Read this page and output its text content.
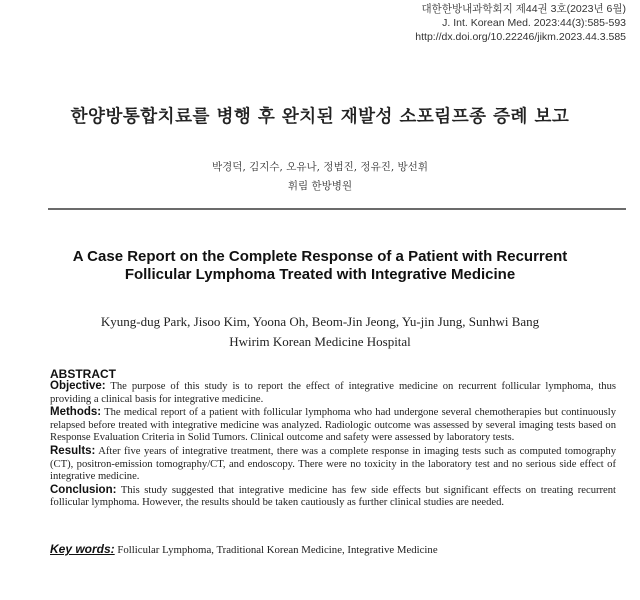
대한한방내과학회지 제44권 3호(2023년 6월)
J. Int. Korean Med. 2023:44(3):585-593
http://dx.doi.org/10.22246/jikm.2023.44.3.585
한양방통합치료를 병행 후 완치된 재발성 소포림프종 증례 보고
박경덕, 김지수, 오유나, 정범진, 정유진, 방선휘
휘림 한방병원
A Case Report on the Complete Response of a Patient with Recurrent Follicular Lymphoma Treated with Integrative Medicine
Kyung-dug Park, Jisoo Kim, Yoona Oh, Beom-Jin Jeong, Yu-jin Jung, Sunhwi Bang
Hwirim Korean Medicine Hospital
ABSTRACT

Objective: The purpose of this study is to report the effect of integrative medicine on recurrent follicular lymphoma, thus providing a clinical basis for integrative medicine.

Methods: The medical report of a patient with follicular lymphoma who had undergone several chemotherapies but continuously relapsed before treated with integrative medicine was analyzed. Radiologic outcome was assessed by several imaging tests based on Response Evaluation Criteria in Solid Tumors. Clinical outcome and safety were assessed by laboratory tests.

Results: After five years of integrative treatment, there was a complete response in imaging tests such as computed tomography (CT), positron-emission tomography/CT, and endoscopy. There were no toxicity in the laboratory test and no serious side effect of integrative medicine.

Conclusion: This study suggested that integrative medicine has few side effects but significant effects on treating recurrent follicular lymphoma. However, the results should be taken cautiously as further clinical studies are needed.

Key words: Follicular Lymphoma, Traditional Korean Medicine, Integrative Medicine
